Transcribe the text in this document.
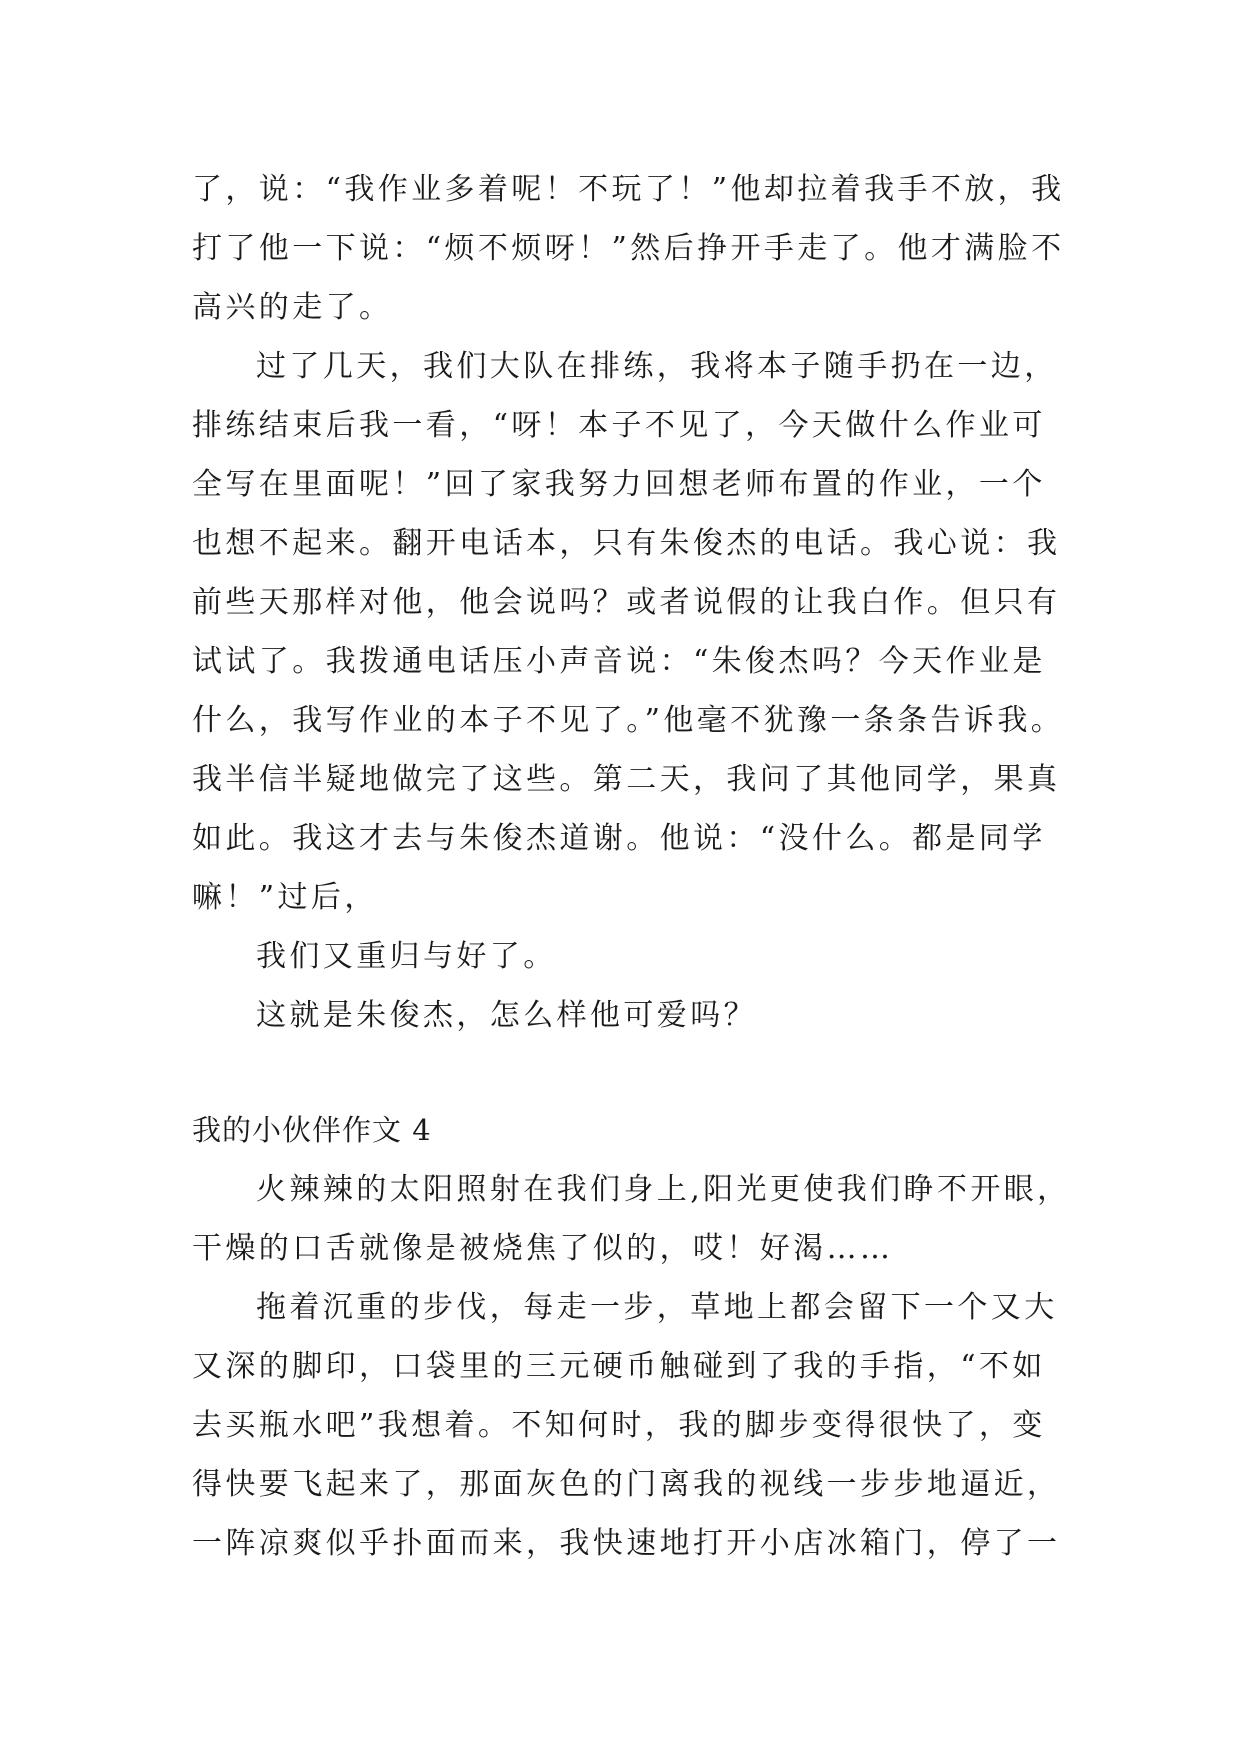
了，说：“我作业多着呢！不玩了！”他却拉着我手不放，我
打了他一下说：“烦不烦呀！”然后挣开手走了。他才满脸不
高兴的走了。
过了几天，我们大队在排练，我将本子随手扔在一边，
排练结束后我一看，“呀！本子不见了，今天做什么作业可
全写在里面呢！”回了家我努力回想老师布置的作业，一个
也想不起来。翻开电话本，只有朱俊杰的电话。我心说：我
前些天那样对他，他会说吗？或者说假的让我白作。但只有
试试了。我拨通电话压小声音说：“朱俊杰吗？今天作业是
什么，我写作业的本子不见了。”他毫不犹豫一条条告诉我。
我半信半疑地做完了这些。第二天，我问了其他同学，果真
如此。我这才去与朱俊杰道谢。他说：“没什么。都是同学
嘛！”过后，
我们又重归与好了。
这就是朱俊杰，怎么样他可爱吗？
我的小伙伴作文 4
火辣辣的太阳照射在我们身上,阳光更使我们睁不开眼，
干燥的口舌就像是被烧焦了似的，哎！好渴……
拖着沉重的步伐，每走一步，草地上都会留下一个又大
又深的脚印，口袋里的三元硬币触碰到了我的手指，“不如
去买瓶水吧”我想着。不知何时，我的脚步变得很快了，变
得快要飞起来了，那面灰色的门离我的视线一步步地逼近，
一阵凉爽似乎扑面而来，我快速地打开小店冰箱门，停了一
